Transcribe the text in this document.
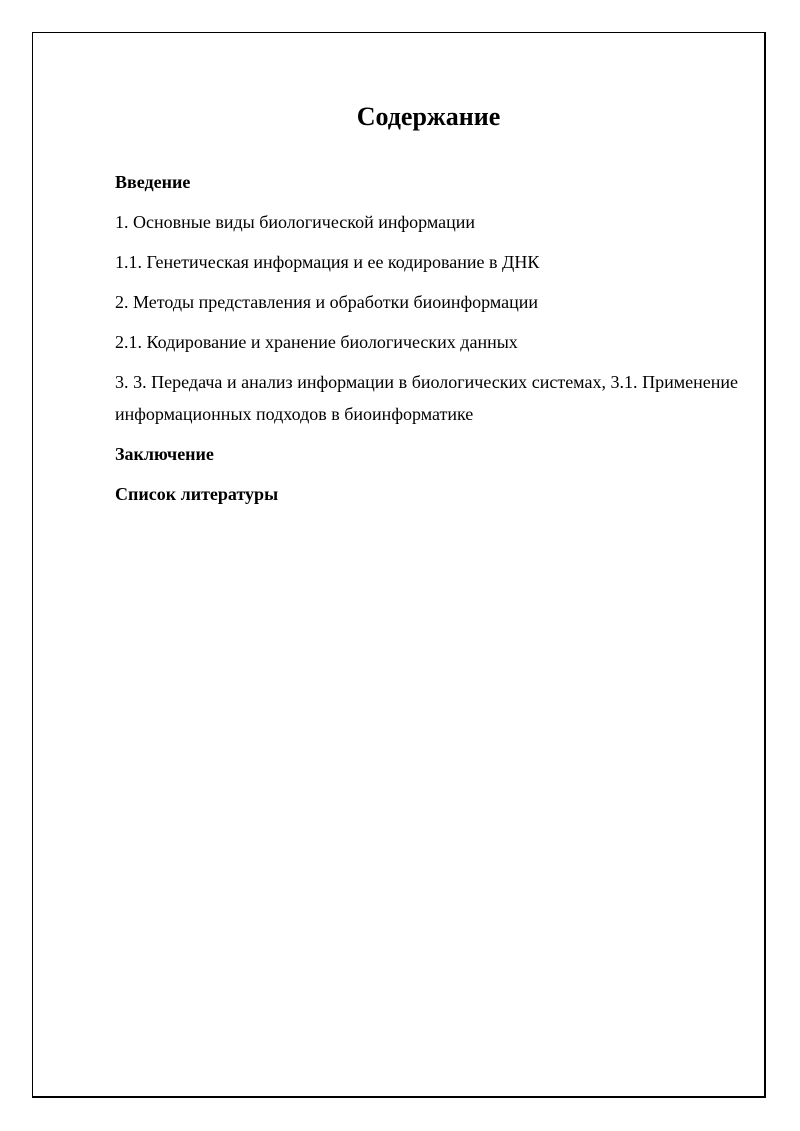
Содержание
Введение
1. Основные виды биологической информации
1.1. Генетическая информация и ее кодирование в ДНК
2. Методы представления и обработки биоинформации
2.1. Кодирование и хранение биологических данных
3. 3. Передача и анализ информации в биологических системах, 3.1. Применение информационных подходов в биоинформатике
Заключение
Список литературы
